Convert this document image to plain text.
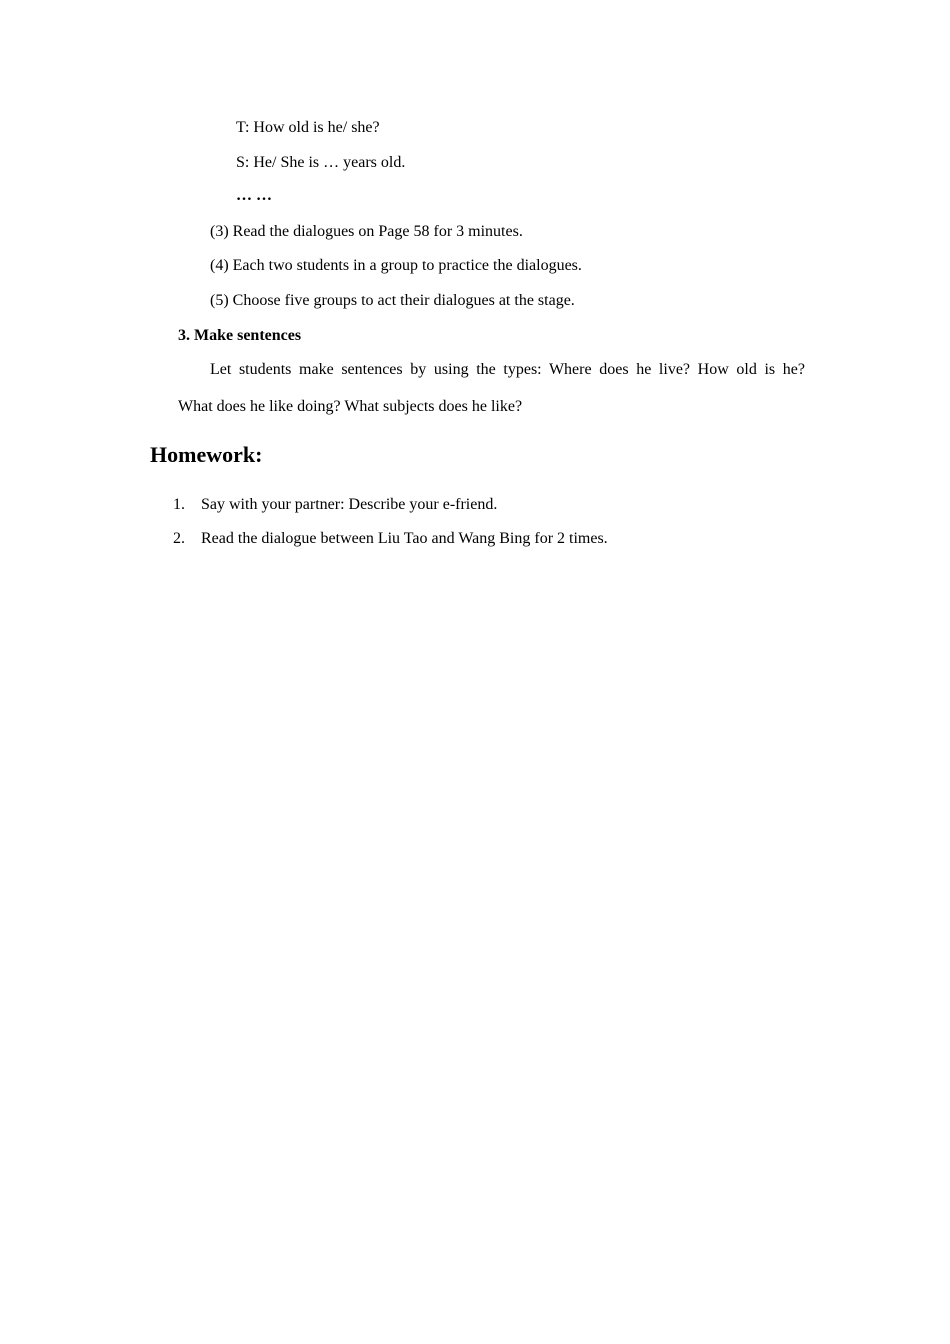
T: How old is he/ she?
S: He/ She is … years old.
… …
(3) Read the dialogues on Page 58 for 3 minutes.
(4) Each two students in a group to practice the dialogues.
(5) Choose five groups to act their dialogues at the stage.
3. Make sentences
Let students make sentences by using the types: Where does he live? How old is he?
What does he like doing? What subjects does he like?
Homework:
1. Say with your partner: Describe your e-friend.
2. Read the dialogue between Liu Tao and Wang Bing for 2 times.
